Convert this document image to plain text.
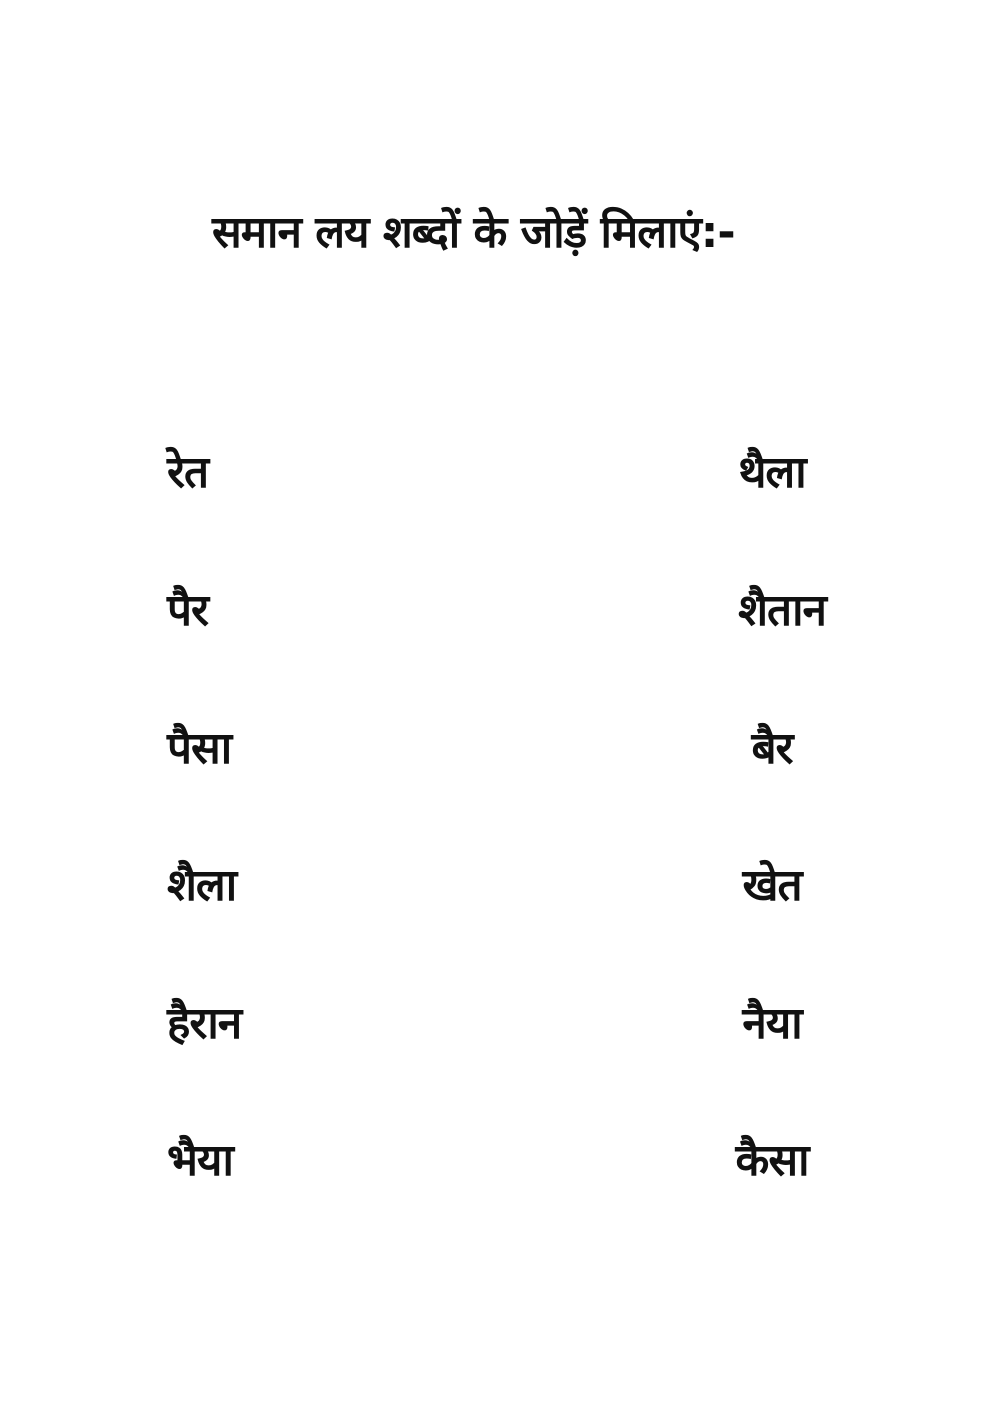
समान लय शब्दों के जोड़ें मिलाएं:-
रेत
पैर
पैसा
शैला
हैरान
भैया
थैला
शैतान
बैर
खेत
नैया
कैसा
